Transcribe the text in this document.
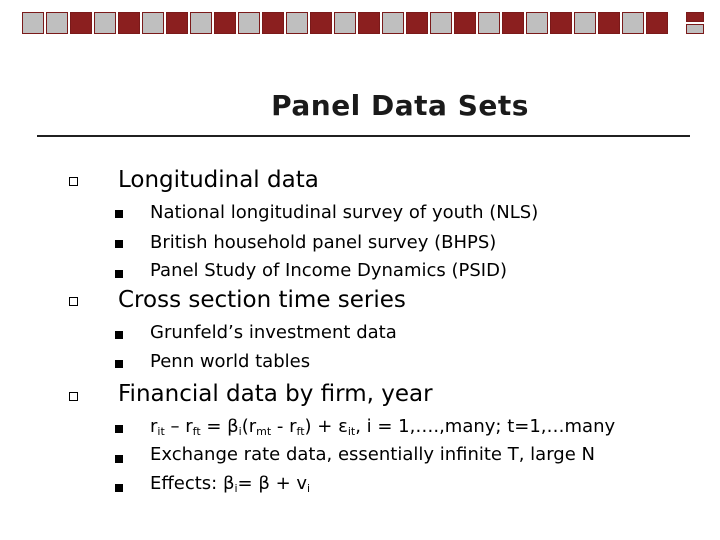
Panel Data Sets
Longitudinal data
National longitudinal survey of youth (NLS)
British household panel survey (BHPS)
Panel Study of Income Dynamics (PSID)
Cross section time series
Grunfeld’s investment data
Penn world tables
Financial data by firm, year
$r_{it} - r_{ft} = \beta_i(r_{mt} - r_{ft}) + \varepsilon_{it}$, i = 1,….,many; t=1,…many
Exchange rate data, essentially infinite T, large N
Effects: $\beta_i= \beta + v_i$
